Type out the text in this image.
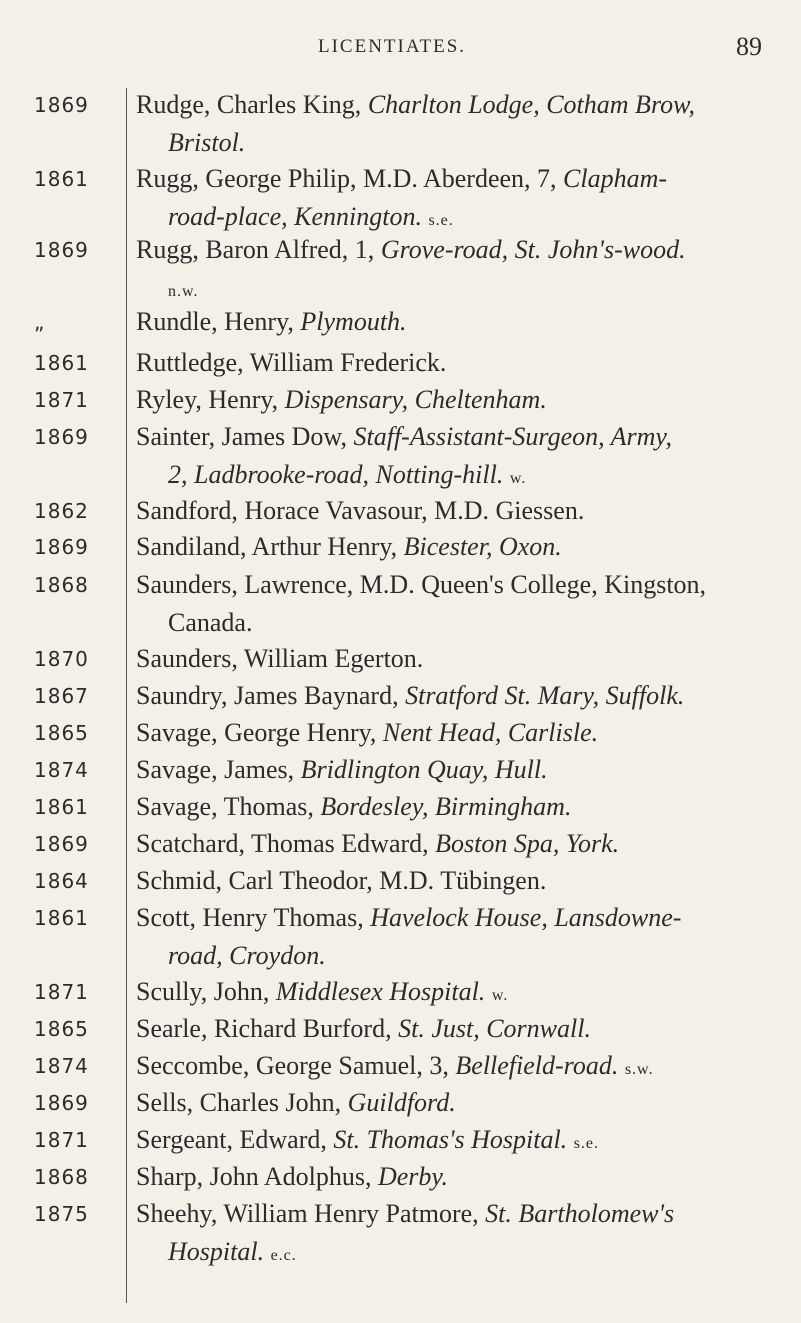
LICENTIATES.	89
1869 Rudge, Charles King, Charlton Lodge, Cotham Brow,
Bristol.
1861 Rugg, George Philip, M.D. Aberdeen, 7, Clapham-
road-place, Kennington. s.e.
1869 Rugg, Baron Alfred, 1, Grove-road, St. John's-wood.
n.w.
„	Rundle, Henry, Plymouth.
1861 Ruttledge, William Frederick.
1871 Ryley, Henry, Dispensary, Cheltenham.
1869 Sainter, James Dow, Staff-Assistant-Surgeon, Army,
2, Ladbrooke-road, Notting-hill. w.
1862 Sandford, Horace Vavasour, M.D. Giessen.
1869 Sandiland, Arthur Henry, Bicester, Oxon.
1868 Saunders, Lawrence, M.D. Queen's College, Kingston,
Canada.
1870 Saunders, William Egerton.
1867 Saundry, James Baynard, Stratford St. Mary, Suffolk.
1865 Savage, George Henry, Nent Head, Carlisle.
1874 Savage, James, Bridlington Quay, Hull.
1861 Savage, Thomas, Bordesley, Birmingham.
1869 Scatchard, Thomas Edward, Boston Spa, York.
1864 Schmid, Carl Theodor, M.D. Tübingen.
1861 Scott, Henry Thomas, Havelock House, Lansdowne-
road, Croydon.
1871 Scully, John, Middlesex Hospital. w.
1865 Searle, Richard Burford, St. Just, Cornwall.
1874 Seccombe, George Samuel, 3, Bellefield-road. s.w.
1869 Sells, Charles John, Guildford.
1871 Sergeant, Edward, St. Thomas's Hospital. s.e.
1868 Sharp, John Adolphus, Derby.
1875 Sheehy, William Henry Patmore, St. Bartholomew's
Hospital. e.c.
